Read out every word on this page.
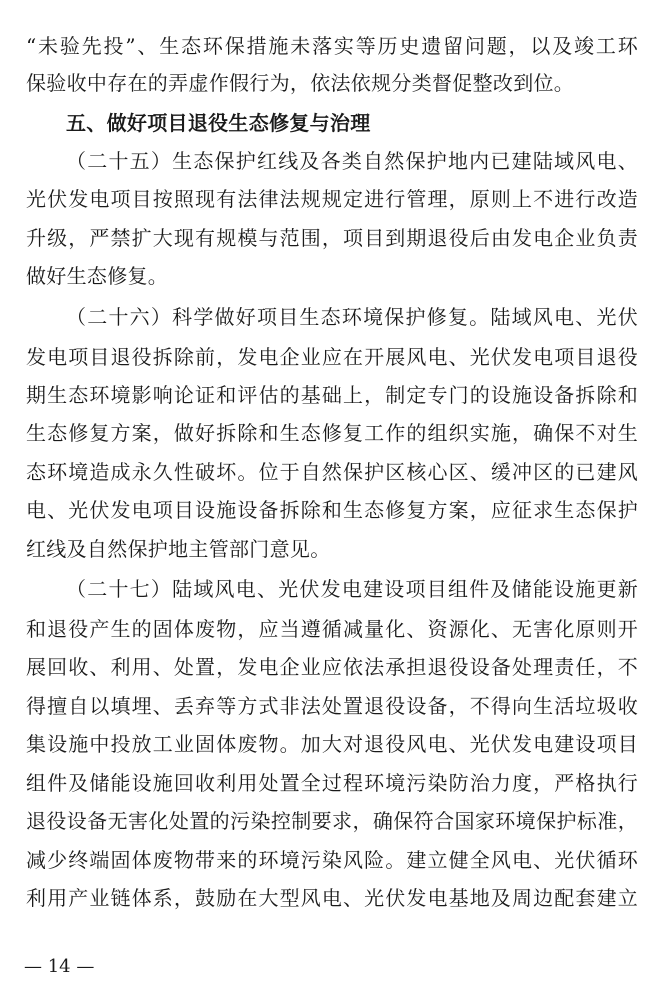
“未验先投”、生态环保措施未落实等历史遗留问题，以及竣工环
保验收中存在的弄虚作假行为，依法依规分类督促整改到位。
五、做好项目退役生态修复与治理
（二十五）生态保护红线及各类自然保护地内已建陆域风电、
光伏发电项目按照现有法律法规规定进行管理，原则上不进行改造
升级，严禁扩大现有规模与范围，项目到期退役后由发电企业负责
做好生态修复。
（二十六）科学做好项目生态环境保护修复。陆域风电、光伏
发电项目退役拆除前，发电企业应在开展风电、光伏发电项目退役
期生态环境影响论证和评估的基础上，制定专门的设施设备拆除和
生态修复方案，做好拆除和生态修复工作的组织实施，确保不对生
态环境造成永久性破坏。位于自然保护区核心区、缓冲区的已建风
电、光伏发电项目设施设备拆除和生态修复方案，应征求生态保护
红线及自然保护地主管部门意见。
（二十七）陆域风电、光伏发电建设项目组件及储能设施更新
和退役产生的固体废物，应当遵循减量化、资源化、无害化原则开
展回收、利用、处置，发电企业应依法承担退役设备处理责任，不
得擅自以填埋、丢弃等方式非法处置退役设备，不得向生活垃圾收
集设施中投放工业固体废物。加大对退役风电、光伏发电建设项目
组件及储能设施回收利用处置全过程环境污染防治力度，严格执行
退役设备无害化处置的污染控制要求，确保符合国家环境保护标准，
减少终端固体废物带来的环境污染风险。建立健全风电、光伏循环
利用产业链体系，鼓励在大型风电、光伏发电基地及周边配套建立
— 14 —
